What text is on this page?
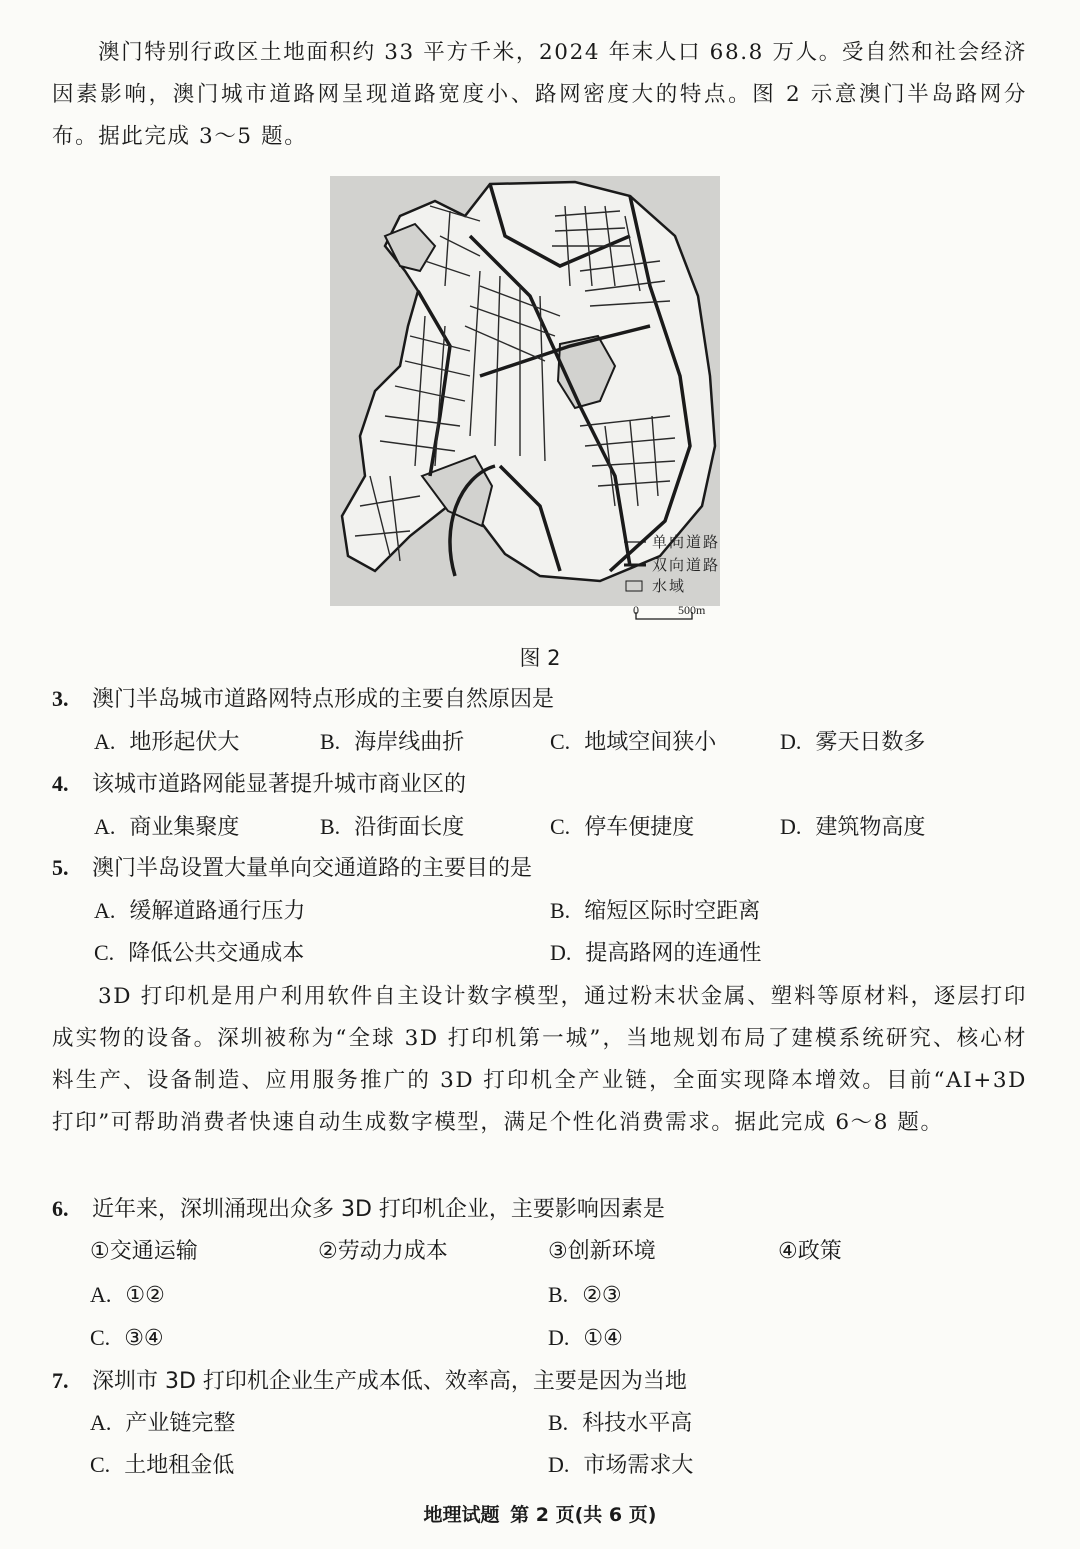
澳门特别行政区土地面积约 33 平方千米，2024 年末人口 68.8 万人。受自然和社会经济因素影响，澳门城市道路网呈现道路宽度小、路网密度大的特点。图 2 示意澳门半岛路网分布。据此完成 3～5 题。

单向道路
双向道路
水域
0	500m
图 2
3. 澳门半岛城市道路网特点形成的主要自然原因是
A. 地形起伏大	B. 海岸线曲折	C. 地域空间狭小	D. 雾天日数多
4. 该城市道路网能显著提升城市商业区的
A. 商业集聚度	B. 沿街面长度	C. 停车便捷度	D. 建筑物高度
5. 澳门半岛设置大量单向交通道路的主要目的是
A. 缓解道路通行压力	B. 缩短区际时空距离
C. 降低公共交通成本	D. 提高路网的连通性

3D 打印机是用户利用软件自主设计数字模型，通过粉末状金属、塑料等原材料，逐层打印成实物的设备。深圳被称为“全球 3D 打印机第一城”，当地规划布局了建模系统研究、核心材料生产、设备制造、应用服务推广的 3D 打印机全产业链，全面实现降本增效。目前“AI+3D 打印”可帮助消费者快速自动生成数字模型，满足个性化消费需求。据此完成 6～8 题。

6. 近年来，深圳涌现出众多 3D 打印机企业，主要影响因素是
①交通运输	②劳动力成本	③创新环境	④政策
A. ①②	B. ②③
C. ③④	D. ①④
7. 深圳市 3D 打印机企业生产成本低、效率高，主要是因为当地
A. 产业链完整	B. 科技水平高
C. 土地租金低	D. 市场需求大
地理试题 第 2 页(共 6 页)
